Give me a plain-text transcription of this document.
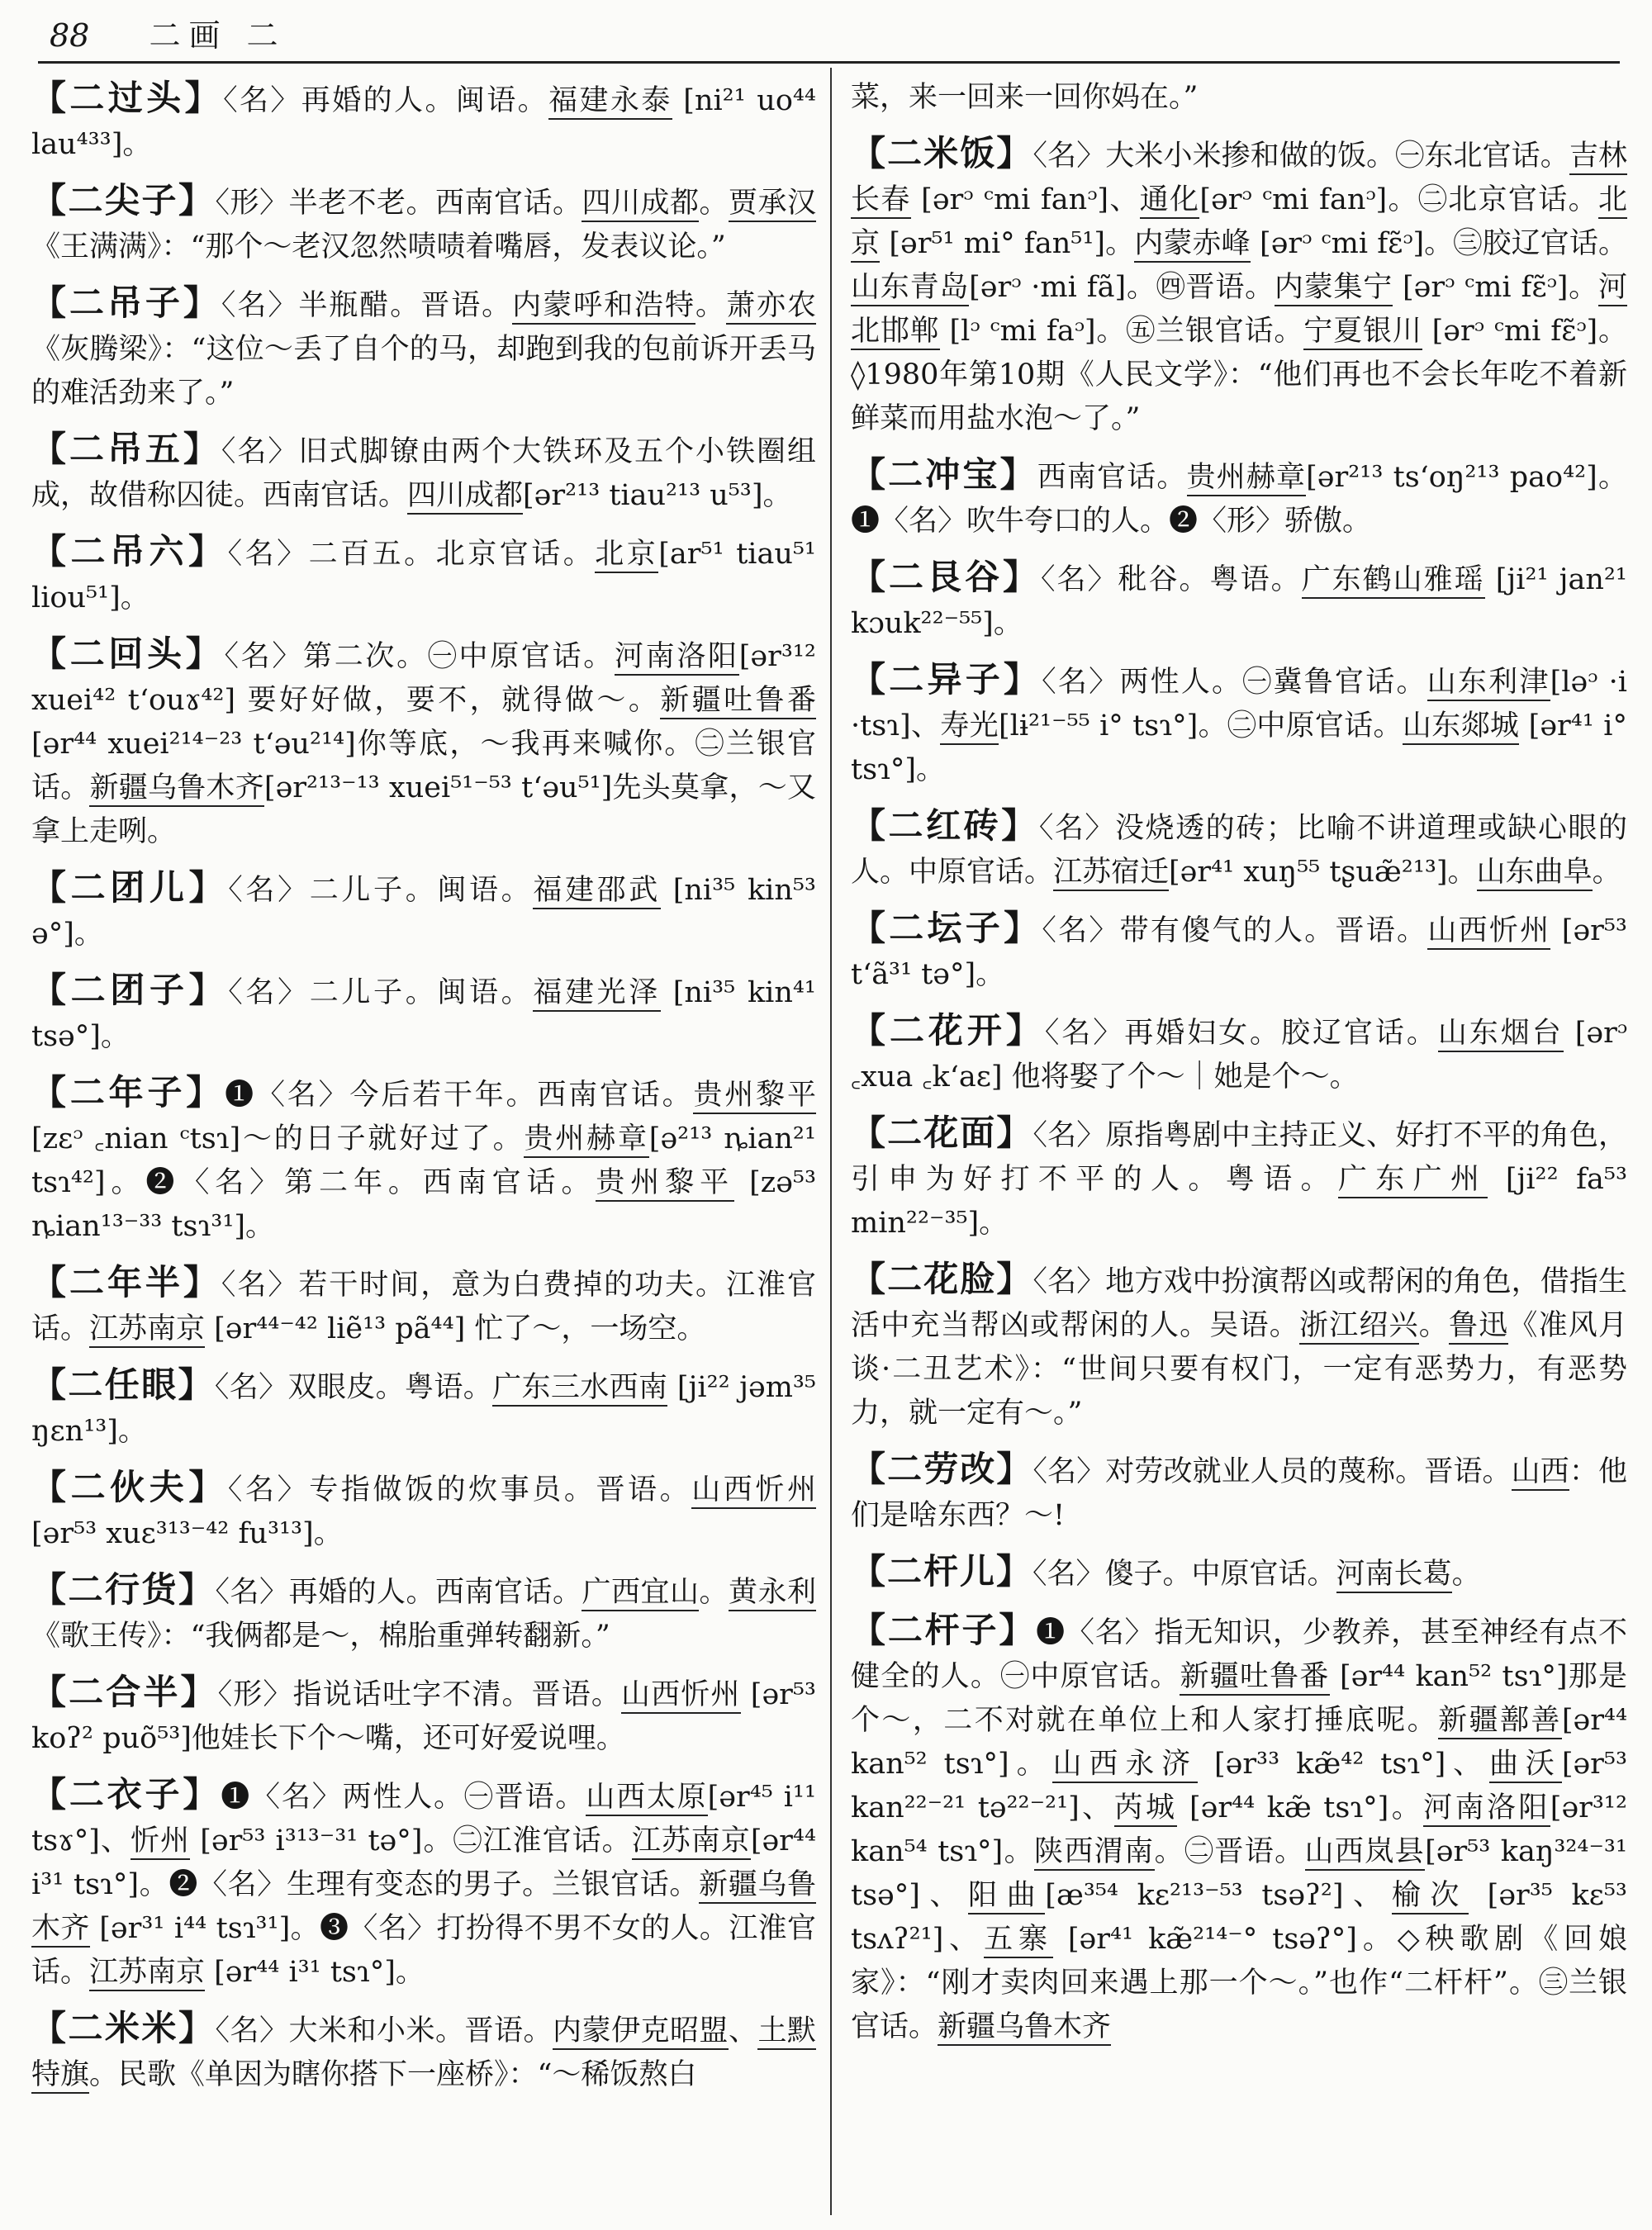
88 二画 二
【二过头】〈名〉再婚的人。闽语。福建永泰 [ni²¹ uo⁴⁴ lau⁴³³]。
【二尖子】〈形〉半老不老。西南官话。四川成都。贾承汉《王满满》：“那个～老汉忽然啧啧着嘴唇，发表议论。”
【二吊子】〈名〉半瓶醋。晋语。内蒙呼和浩特。萧亦农《灰腾梁》：“这位～丢了自个的马，却跑到我的包前诉开丢马的难活劲来了。”
【二吊五】〈名〉旧式脚镣由两个大铁环及五个小铁圈组成，故借称囚徒。西南官话。四川成都[ər²¹³ tiau²¹³ u⁵³]。
【二吊六】〈名〉二百五。北京官话。北京[ar⁵¹ tiau⁵¹ liou⁵¹]。
【二回头】〈名〉第二次。㊀中原官话。河南洛阳[ər³¹² xuei⁴² tʻouɤ⁴²] 要好好做，要不，就得做～。新疆吐鲁番[ər⁴⁴ xuei²¹⁴⁻²³ tʻəu²¹⁴]你等底，～我再来喊你。㊁兰银官话。新疆乌鲁木齐[ər²¹³⁻¹³ xuei⁵¹⁻⁵³ tʻəu⁵¹]先头莫拿，～又拿上走咧。
【二团儿】〈名〉二儿子。闽语。福建邵武 [ni³⁵ kin⁵³ ə°]。
【二团子】〈名〉二儿子。闽语。福建光泽 [ni³⁵ kin⁴¹ tsə°]。
【二年子】❶〈名〉今后若干年。西南官话。贵州黎平 [zɛᵓ ꜀nian ᶜtsɿ]～的日子就好过了。贵州赫章[ə²¹³ ȵian²¹ tsɿ⁴²]。❷〈名〉第二年。西南官话。贵州黎平 [zə⁵³ ȵian¹³⁻³³ tsɿ³¹]。
【二年半】〈名〉若干时间，意为白费掉的功夫。江淮官话。江苏南京 [ər⁴⁴⁻⁴² liẽ¹³ pã⁴⁴] 忙了～，一场空。
【二任眼】〈名〉双眼皮。粤语。广东三水西南 [ji²² jəm³⁵ ŋɛn¹³]。
【二伙夫】〈名〉专指做饭的炊事员。晋语。山西忻州 [ər⁵³ xuɛ³¹³⁻⁴² fu³¹³]。
【二行货】〈名〉再婚的人。西南官话。广西宜山。黄永利《歌王传》：“我俩都是～，棉胎重弹转翻新。”
【二合半】〈形〉指说话吐字不清。晋语。山西忻州 [ər⁵³ koʔ² puõ⁵³]他娃长下个～嘴，还可好爱说哩。
【二衣子】❶〈名〉两性人。㊀晋语。山西太原[ər⁴⁵ i¹¹ tsɤ°]、忻州 [ər⁵³ i³¹³⁻³¹ tə°]。㊁江淮官话。江苏南京[ər⁴⁴ i³¹ tsɿ°]。❷〈名〉生理有变态的男子。兰银官话。新疆乌鲁木齐 [ər³¹ i⁴⁴ tsɿ³¹]。❸〈名〉打扮得不男不女的人。江淮官话。江苏南京 [ər⁴⁴ i³¹ tsɿ°]。
【二米米】〈名〉大米和小米。晋语。内蒙伊克昭盟、土默特旗。民歌《单因为瞎你搭下一座桥》：“～稀饭熬白
菜，来一回来一回你妈在。”
【二米饭】〈名〉大米小米掺和做的饭。㊀东北官话。吉林长春 [ərᵓ ᶜmi fanᵓ]、通化[ərᵓ ᶜmi fanᵓ]。㊁北京官话。北京 [ər⁵¹ mi° fan⁵¹]。内蒙赤峰 [ərᵓ ᶜmi fɛ̃ᵓ]。㊂胶辽官话。山东青岛[ərᵓ ·mi fã]。㊃晋语。内蒙集宁 [ərᵓ ᶜmi fɛ̃ᵓ]。河北邯郸 [lᵓ ᶜmi faᵓ]。㊄兰银官话。宁夏银川 [ərᵓ ᶜmi fɛ̃ᵓ]。◊1980年第10期《人民文学》：“他们再也不会长年吃不着新鲜菜而用盐水泡～了。”
【二冲宝】西南官话。贵州赫章[ər²¹³ tsʻoŋ²¹³ pao⁴²]。❶〈名〉吹牛夸口的人。❷〈形〉骄傲。
【二艮谷】〈名〉秕谷。粤语。广东鹤山雅瑶 [ji²¹ jan²¹ kɔuk²²⁻⁵⁵]。
【二异子】〈名〉两性人。㊀冀鲁官话。山东利津[ləᵓ ·i ·tsɿ]、寿光[lɨ²¹⁻⁵⁵ i° tsɿ°]。㊁中原官话。山东郯城 [ər⁴¹ i° tsɿ°]。
【二红砖】〈名〉没烧透的砖；比喻不讲道理或缺心眼的人。中原官话。江苏宿迁[ər⁴¹ xuŋ⁵⁵ tʂuæ̃²¹³]。山东曲阜。
【二坛子】〈名〉带有傻气的人。晋语。山西忻州 [ər⁵³ tʻã³¹ tə°]。
【二花开】〈名〉再婚妇女。胶辽官话。山东烟台 [ərᵓ ꜀xua ꜀kʻaɛ] 他将娶了个～｜她是个～。
【二花面】〈名〉原指粤剧中主持正义、好打不平的角色，引申为好打不平的人。粤语。广东广州 [ji²² fa⁵³ min²²⁻³⁵]。
【二花脸】〈名〉地方戏中扮演帮凶或帮闲的角色，借指生活中充当帮凶或帮闲的人。吴语。浙江绍兴。鲁迅《准风月谈·二丑艺术》：“世间只要有权门，一定有恶势力，有恶势力，就一定有～。”
【二劳改】〈名〉对劳改就业人员的蔑称。晋语。山西：他们是啥东西？～!
【二杆儿】〈名〉傻子。中原官话。河南长葛。
【二杆子】❶〈名〉指无知识，少教养，甚至神经有点不健全的人。㊀中原官话。新疆吐鲁番 [ər⁴⁴ kan⁵² tsɿ°]那是个～，二不对就在单位上和人家打捶底呢。新疆鄯善[ər⁴⁴ kan⁵² tsɿ°]。山西永济 [ər³³ kæ̃⁴² tsɿ°]、曲沃[ər⁵³ kan²²⁻²¹ tə²²⁻²¹]、芮城 [ər⁴⁴ kæ̃ tsɿ°]。河南洛阳[ər³¹² kan⁵⁴ tsɿ°]。陕西渭南。㊁晋语。山西岚县[ər⁵³ kaŋ³²⁴⁻³¹ tsə°]、阳曲[æ³⁵⁴ kɛ²¹³⁻⁵³ tsəʔ²]、榆次 [ər³⁵ kɛ⁵³ tsʌʔ²¹]、五寨 [ər⁴¹ kæ̃²¹⁴⁻° tsəʔ°]。◇秧歌剧《回娘家》：“刚才卖肉回来遇上那一个～。”也作“二杆杆”。㊂兰银官话。新疆乌鲁木齐
